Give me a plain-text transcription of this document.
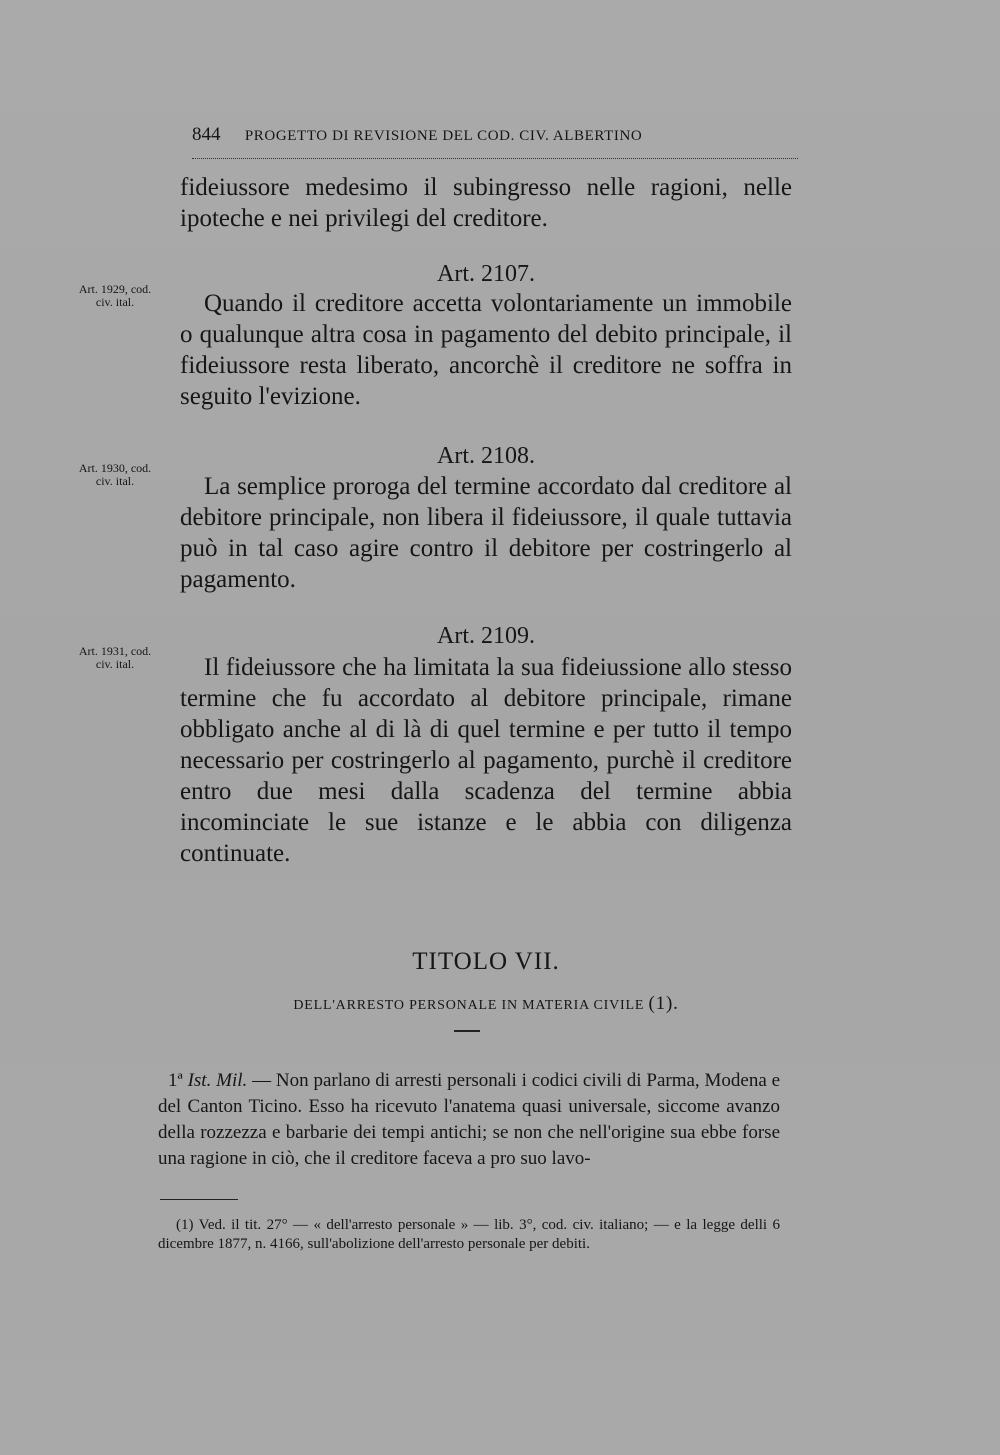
844 PROGETTO DI REVISIONE DEL COD. CIV. ALBERTINO

fideiussore medesimo il subingresso nelle ragioni, nelle ipoteche e nei privilegi del creditore.

Art. 2107.
Art. 1929, cod.
civ. ital.	Quando il creditore accetta volontariamente un immobile o qualunque altra cosa in pagamento del debito principale, il fideiussore resta liberato, ancorchè il creditore ne soffra in seguito l'evizione.

Art. 2108.
Art. 1930, cod.
civ. ital.	La semplice proroga del termine accordato dal creditore al debitore principale, non libera il fideiussore, il quale tuttavia può in tal caso agire contro il debitore per costringerlo al pagamento.

Art. 2109.
Art. 1931, cod.
civ. ital.	Il fideiussore che ha limitata la sua fideiussione allo stesso termine che fu accordato al debitore principale, rimane obbligato anche al di là di quel termine e per tutto il tempo necessario per costringerlo al pagamento, purchè il creditore entro due mesi dalla scadenza del termine abbia incominciate le sue istanze e le abbia con diligenza continuate.

TITOLO VII.
DELL'ARRESTO PERSONALE IN MATERIA CIVILE (1).

1ª Ist. Mil. — Non parlano di arresti personali i codici civili di Parma, Modena e del Canton Ticino. Esso ha ricevuto l'anatema quasi universale, siccome avanzo della rozzezza e barbarie dei tempi antichi; se non che nell'origine sua ebbe forse una ragione in ciò, che il creditore faceva a pro suo lavo-

(1) Ved. il tit. 27° — « dell'arresto personale » — lib. 3°, cod. civ. italiano; — e la legge delli 6 dicembre 1877, n. 4166, sull'abolizione dell'arresto personale per debiti.
